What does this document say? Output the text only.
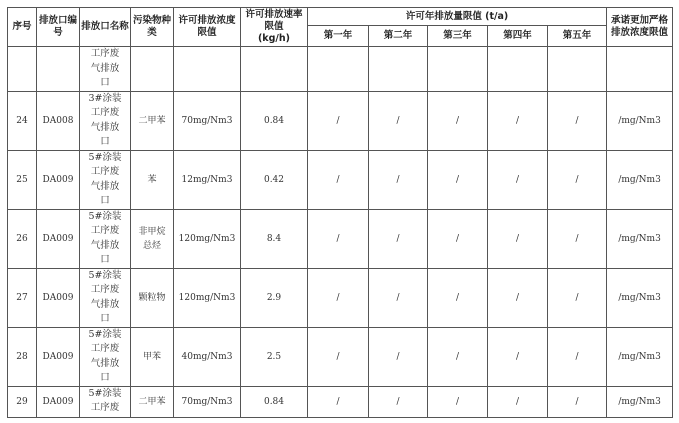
序号	排放口编号	排放口名称	污染物种类	许可排放浓度限值	许可排放速率限值
(kg/h)	许可年排放量限值 (t/a)					承诺更加严格排放浓度限值
						第一年	第二年	第三年	第四年	第五年	

		工序废
气排放
口									

24	DA008	3#涂装
工序废
气排放
口	二甲苯	70mg/Nm3	0.84	/	/	/	/	/	/mg/Nm3
25	DA009	5#涂装
工序废
气排放
口	苯	12mg/Nm3	0.42	/	/	/	/	/	/mg/Nm3
26	DA009	5#涂装
工序废
气排放
口	非甲烷
总烃	120mg/Nm3	8.4	/	/	/	/	/	/mg/Nm3
27	DA009	5#涂装
工序废
气排放
口	颗粒物	120mg/Nm3	2.9	/	/	/	/	/	/mg/Nm3
28	DA009	5#涂装
工序废
气排放
口	甲苯	40mg/Nm3	2.5	/	/	/	/	/	/mg/Nm3
29	DA009	5#涂装
工序废	二甲苯	70mg/Nm3	0.84	/	/	/	/	/	/mg/Nm3
